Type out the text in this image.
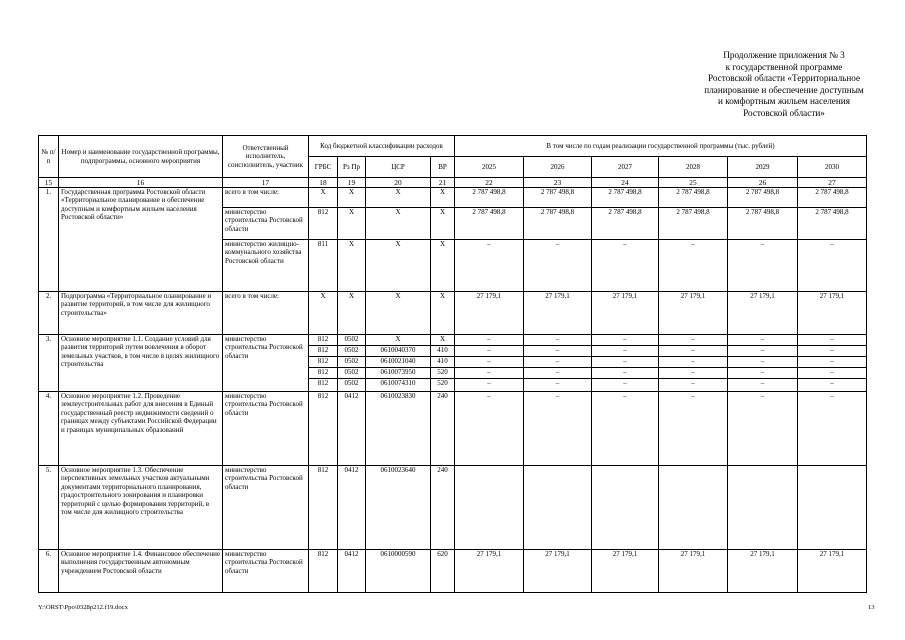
Продолжение приложения № 3
к государственной программе
Ростовской области «Территориальное
планирование и обеспечение доступным
и комфортным жильем населения
Ростовской области»
№ п/п	Номер и наименование государственной программы, подпрограммы, основного мероприятия	Ответственный исполнитель, соисполнитель, участник	Код бюджетной классификации расходов				В том числе по годам реализации государственной программы (тыс. рублей)					
			ГРБС	Рз Пр	ЦСР	ВР	2025	2026	2027	2028	2029	2030
15	16	17	18	19	20	21	22	23	24	25	26	27
1.	Государственная программа Ростовской области «Территориальное планирование и обеспечение доступным и комфортным жильем населения Ростовской области»	всего в том числе:	Х	Х	Х	Х	2 787 498,8	2 787 498,8	2 787 498,8	2 787 498,8	2 787 498,8	2 787 498,8
		министерство строительства Ростовской области	812	Х	Х	Х	2 787 498,8	2 787 498,8	2 787 498,8	2 787 498,8	2 787 498,8	2 787 498,8
		министерство жилищно-коммунального хозяйства Ростовской области	811	Х	Х	Х	–	–	–	–	–	–
2.	Подпрограмма «Территориальное планирование и развитие территорий, в том числе для жилищного строительства»	всего в том числе:	Х	Х	Х	Х	27 179,1	27 179,1	27 179,1	27 179,1	27 179,1	27 179,1
3.	Основное мероприятие 1.1. Создание условий для развития территорий путем вовлечения в оборот земельных участков, в том числе в целях жилищного строительства	министерство строительства Ростовской области	812	0502	Х	Х	–	–	–	–	–	–
			812	0502	0610040370	410	–	–	–	–	–	–
			812	0502	0610021040	410	–	–	–	–	–	–
			812	0502	0610073950	520	–	–	–	–	–	–
			812	0502	0610074310	520	–	–	–	–	–	–
4.	Основное мероприятие 1.2. Проведение землеустроительных работ для внесения в Единый государственный реестр недвижимости сведений о границах между субъектами Российской Федерации и границах муниципальных образований	министерство строительства Ростовской области	812	0412	0610023830	240	–	–	–	–	–	–
5.	Основное мероприятие 1.3. Обеспечение перспективных земельных участков актуальными документами территориального планирования, градостроительного зонирования и планировки территорий с целью формирования территорий, в том числе для жилищного строительства	министерство строительства Ростовской области	812	0412	0610023640	240						
6.	Основное мероприятие 1.4. Финансовое обеспечение выполнения государственным автономным учреждением Ростовской области	министерство строительства Ростовской области	812	0412	0610000590	620	27 179,1	27 179,1	27 179,1	27 179,1	27 179,1	27 179,1
Y:\ORST\Ppo\0328p212.f19.docx	13
